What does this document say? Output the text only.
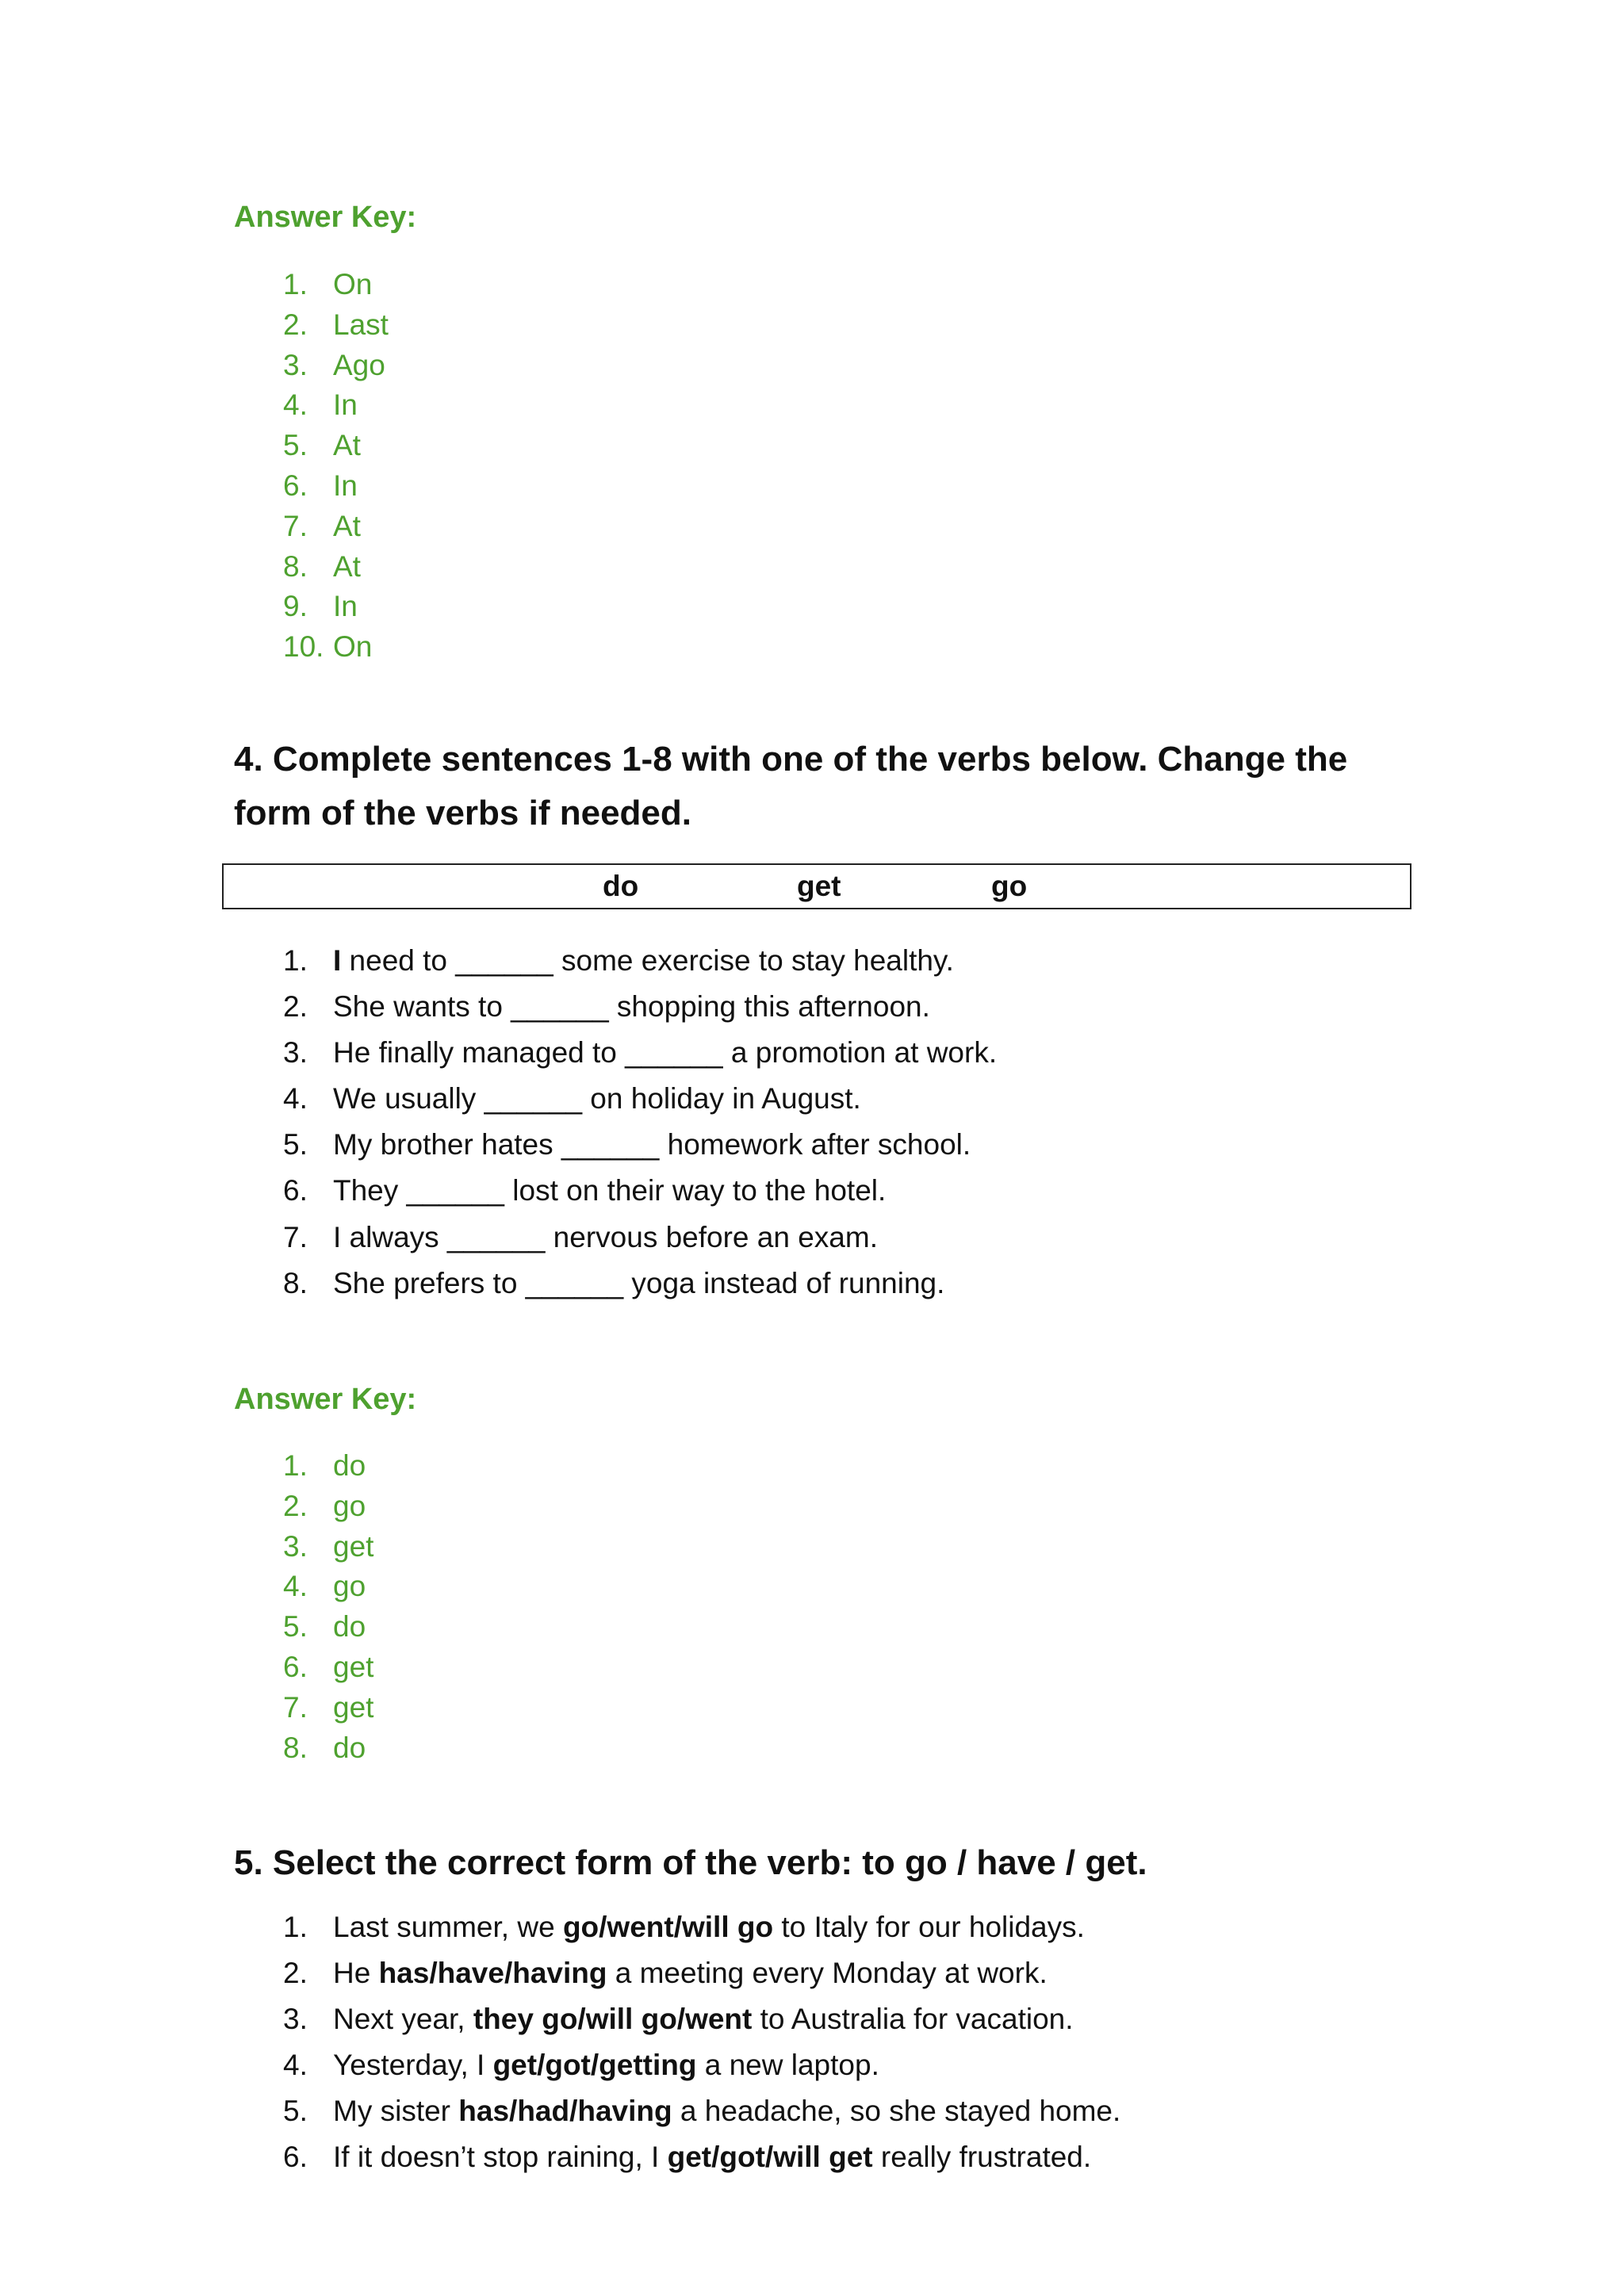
Answer Key:
1. On
2. Last
3. Ago
4. In
5. At
6. In
7. At
8. At
9. In
10. On
4. Complete sentences 1-8 with one of the verbs below. Change the form of the verbs if needed.
do	get	go
1. I need to ______ some exercise to stay healthy.
2. She wants to ______ shopping this afternoon.
3. He finally managed to ______ a promotion at work.
4. We usually ______ on holiday in August.
5. My brother hates ______ homework after school.
6. They ______ lost on their way to the hotel.
7. I always ______ nervous before an exam.
8. She prefers to ______ yoga instead of running.
Answer Key:
1. do
2. go
3. get
4. go
5. do
6. get
7. get
8. do
5. Select the correct form of the verb: to go / have / get.
1. Last summer, we go/went/will go to Italy for our holidays.
2. He has/have/having a meeting every Monday at work.
3. Next year, they go/will go/went to Australia for vacation.
4. Yesterday, I get/got/getting a new laptop.
5. My sister has/had/having a headache, so she stayed home.
6. If it doesn’t stop raining, I get/got/will get really frustrated.
